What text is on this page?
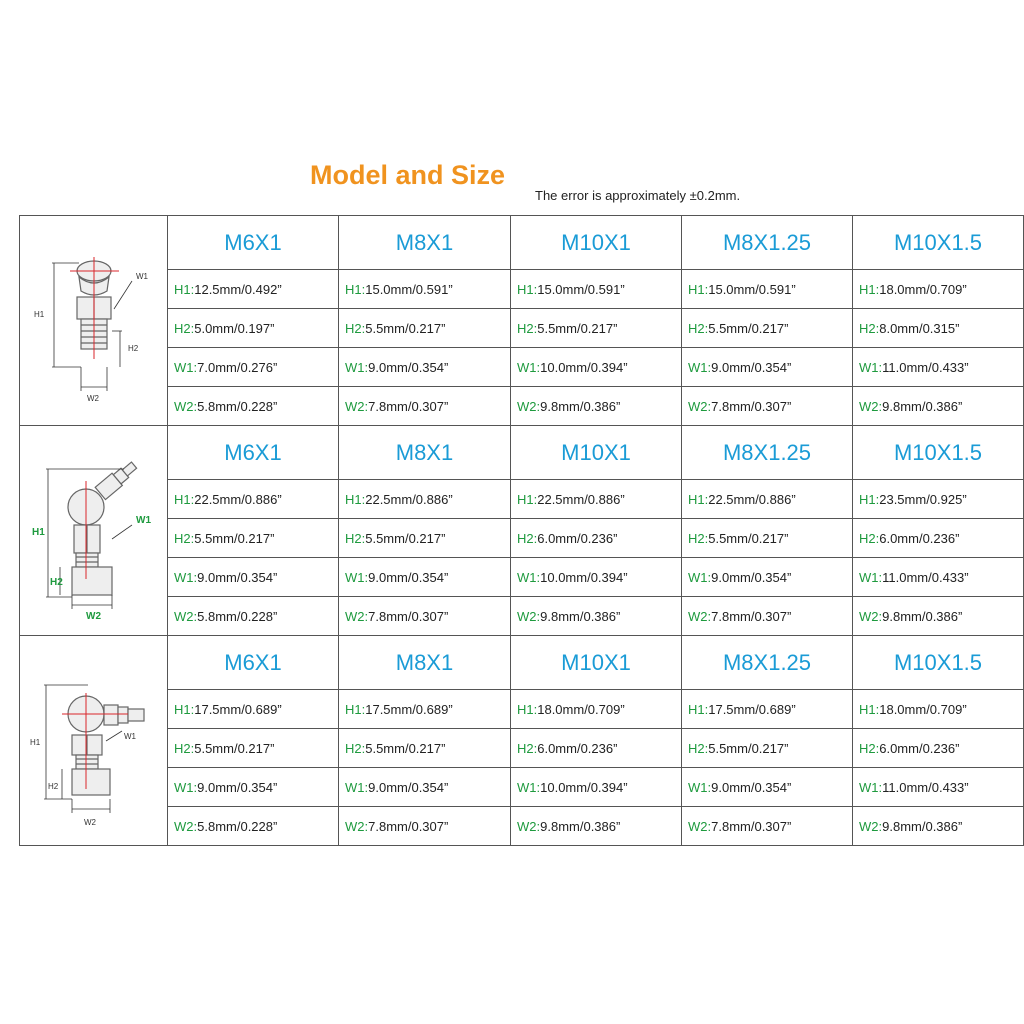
Model and Size
The error is approximately ±0.2mm.
H1
H2
W1
W2	M6X1	M8X1	M10X1	M8X1.25	M10X1.5
	H1:12.5mm/0.492”	H1:15.0mm/0.591”	H1:15.0mm/0.591”	H1:15.0mm/0.591”	H1:18.0mm/0.709”
	H2:5.0mm/0.197”	H2:5.5mm/0.217”	H2:5.5mm/0.217”	H2:5.5mm/0.217”	H2:8.0mm/0.315”
	W1:7.0mm/0.276”	W1:9.0mm/0.354”	W1:10.0mm/0.394”	W1:9.0mm/0.354”	W1:11.0mm/0.433”
	W2:5.8mm/0.228”	W2:7.8mm/0.307”	W2:9.8mm/0.386”	W2:7.8mm/0.307”	W2:9.8mm/0.386”

H1
H2
W1
W2	M6X1	M8X1	M10X1	M8X1.25	M10X1.5
	H1:22.5mm/0.886”	H1:22.5mm/0.886”	H1:22.5mm/0.886”	H1:22.5mm/0.886”	H1:23.5mm/0.925”
	H2:5.5mm/0.217”	H2:5.5mm/0.217”	H2:6.0mm/0.236”	H2:5.5mm/0.217”	H2:6.0mm/0.236”
	W1:9.0mm/0.354”	W1:9.0mm/0.354”	W1:10.0mm/0.394”	W1:9.0mm/0.354”	W1:11.0mm/0.433”
	W2:5.8mm/0.228”	W2:7.8mm/0.307”	W2:9.8mm/0.386”	W2:7.8mm/0.307”	W2:9.8mm/0.386”

H1
H2
W1
W2	M6X1	M8X1	M10X1	M8X1.25	M10X1.5
	H1:17.5mm/0.689”	H1:17.5mm/0.689”	H1:18.0mm/0.709”	H1:17.5mm/0.689”	H1:18.0mm/0.709”
	H2:5.5mm/0.217”	H2:5.5mm/0.217”	H2:6.0mm/0.236”	H2:5.5mm/0.217”	H2:6.0mm/0.236”
	W1:9.0mm/0.354”	W1:9.0mm/0.354”	W1:10.0mm/0.394”	W1:9.0mm/0.354”	W1:11.0mm/0.433”
	W2:5.8mm/0.228”	W2:7.8mm/0.307”	W2:9.8mm/0.386”	W2:7.8mm/0.307”	W2:9.8mm/0.386”
